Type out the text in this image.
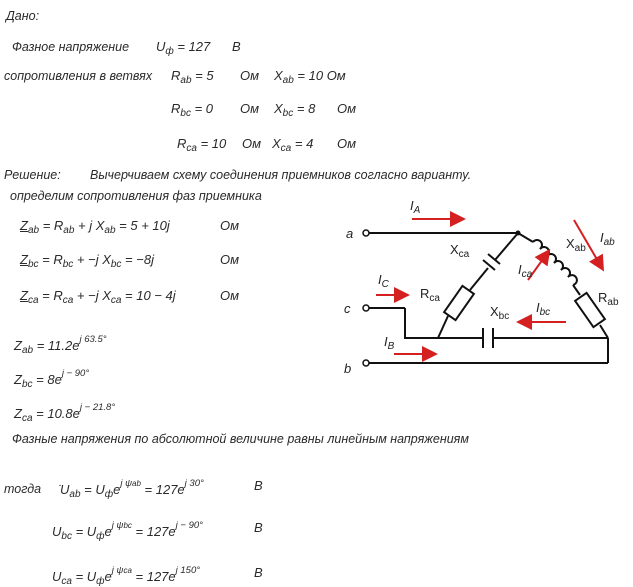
Дано:
Фазное напряжение $U_ф = 127$ В
сопротивления в ветвях $R_{ab} = 5$ Ом $X_{ab} = 10$ Ом
$R_{bc} = 0$ Ом $X_{bc} = 8$ Ом
$R_{ca} = 10$ Ом $X_{ca} = 4$ Ом
Решение: Вычерчиваем схему соединения приемников согласно варианту.
определим сопротивления фаз приемника
$Z_{ab} = R_{ab} + j$ $X_{ab} = 5 + 10j$	Ом
$Z_{bc} = R_{bc} + -j$ $X_{bc} = -8j$	Ом
$Z_{ca} = R_{ca} + -j$ $X_{ca} = 10 - 4j$	Ом
$Z_{ab} = 11.2e^{j 63.5^\circ}$
$Z_{bc} = 8e^{j - 90^\circ}$
$Z_{ca} = 10.8e^{j - 21.8^\circ}$
Фазные напряжения по абсолютной величине равны линейным напряжениям
тогда $U_{ab} = U_фe^{j \psi ab} = 127e^{j 30^\circ}$	В
$U_{bc} = U_фe^{j \psi bc} = 127e^{j - 90^\circ}$	В
$U_{ca} = U_фe^{j \psi ca} = 127e^{j 150^\circ}$	В
a
c
b
$I_A$
$I_C$
$I_B$
$I_{ab}$
$I_{ca}$
$I_{bc}$
$X_{ca}$
$X_{ab}$
$X_{bc}$
$R_{ca}$	$R_{ab}$
